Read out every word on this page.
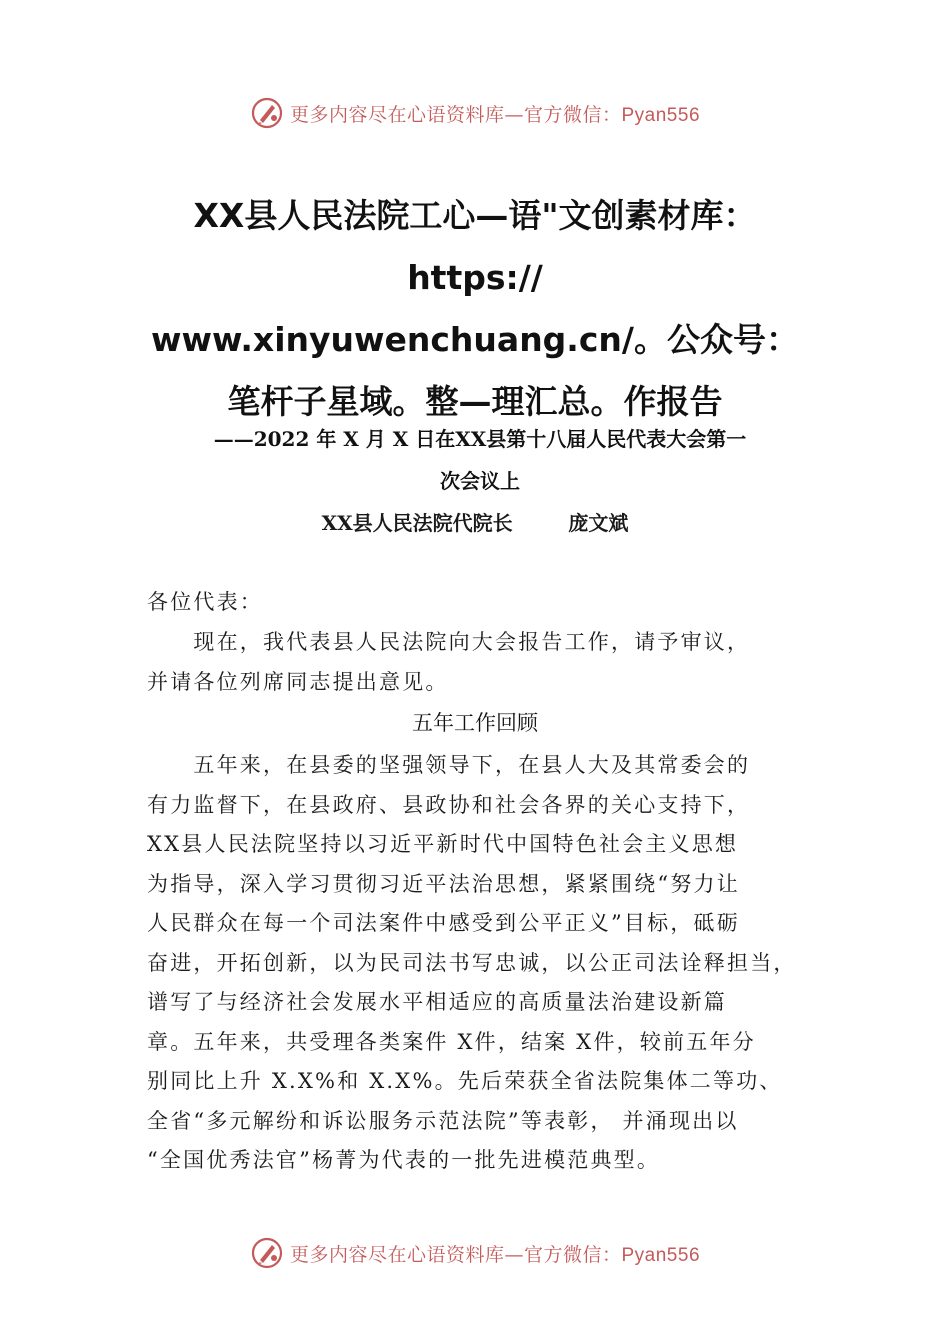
更多内容尽在心语资料库—官方微信：Pyan556
XX县人民法院工心—语"文创素材库：
https://
www.xinyuwenchuang.cn/。公众号：
笔杆子星域。整—理汇总。作报告
——2022 年 X 月 X 日在XX县第十八届人民代表大会第一
次会议上
XX县人民法院代院长	庞文斌
各位代表：
　　现在，我代表县人民法院向大会报告工作，请予审议，
并请各位列席同志提出意见。
五年工作回顾
　　五年来，在县委的坚强领导下，在县人大及其常委会的
有力监督下，在县政府、县政协和社会各界的关心支持下，
XX县人民法院坚持以习近平新时代中国特色社会主义思想
为指导，深入学习贯彻习近平法治思想，紧紧围绕“努力让
人民群众在每一个司法案件中感受到公平正义”目标，砥砺
奋进，开拓创新，以为民司法书写忠诚，以公正司法诠释担当，
谱写了与经济社会发展水平相适应的高质量法治建设新篇
章。五年来，共受理各类案件 X件，结案 X件，较前五年分
别同比上升 X.X%和 X.X%。先后荣获全省法院集体二等功、
全省“多元解纷和诉讼服务示范法院”等表彰， 并涌现出以
“全国优秀法官”杨菁为代表的一批先进模范典型。
更多内容尽在心语资料库—官方微信：Pyan556
